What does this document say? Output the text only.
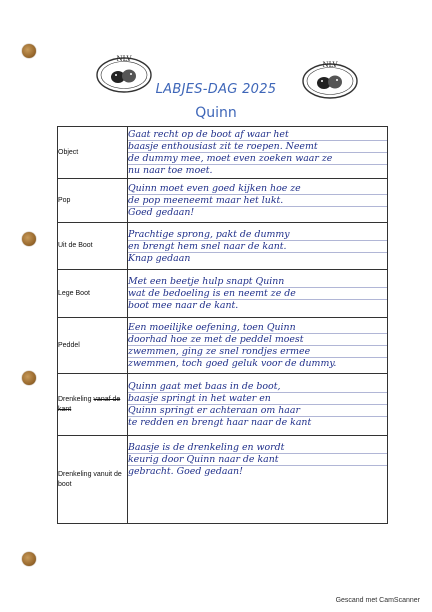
NLV
NLV
LABJES-DAG 2025
Quinn
Object	Gaat recht op de boot af waar het
baasje enthousiast zit te roepen. Neemt
de dummy mee, moet even zoeken waar ze
nu naar toe moet.

Pop	Quinn moet even goed kijken hoe ze
de pop meeneemt maar het lukt.
Goed gedaan!

Uit de Boot	Prachtige sprong, pakt de dummy
en brengt hem snel naar de kant.
Knap gedaan

Lege Boot	Met een beetje hulp snapt Quinn
wat de bedoeling is en neemt ze de
boot mee naar de kant.

Peddel	Een moeilijke oefening, toen Quinn
doorhad hoe ze met de peddel moest
zwemmen, ging ze snel rondjes ermee
zwemmen, toch goed geluk voor de dummy.

Drenkeling vanaf de kant	Quinn gaat met baas in de boot,
baasje springt in het water en
Quinn springt er achteraan om haar
te redden en brengt haar naar de kant

Drenkeling vanuit de boot	Baasje is de drenkeling en wordt
keurig door Quinn naar de kant
gebracht. Goed gedaan!
Gescand met CamScanner
